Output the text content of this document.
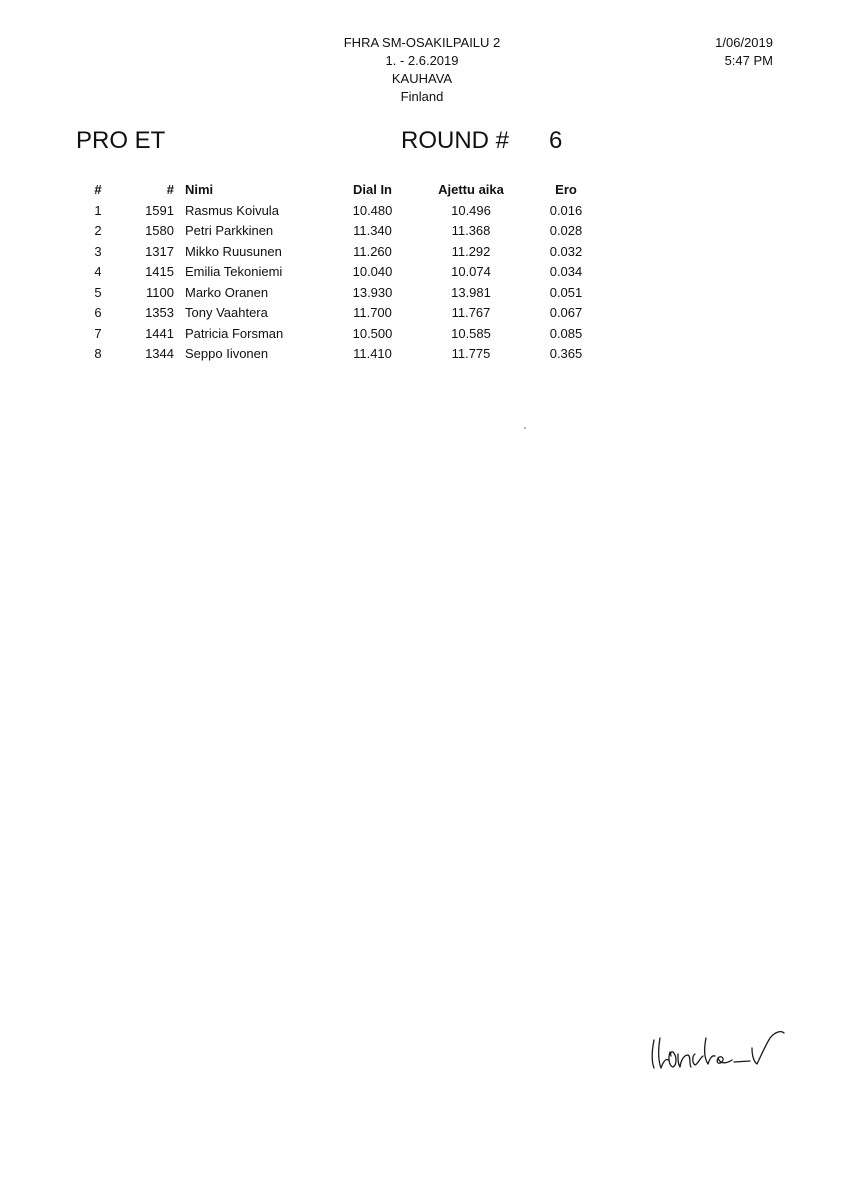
FHRA SM-OSAKILPAILU 2
1. - 2.6.2019
KAUHAVA
Finland
1/06/2019
5:47 PM
PRO ET	ROUND # 6
#	#	Nimi	Dial In	Ajettu aika	Ero
1	1591	Rasmus Koivula	10.480	10.496	0.016
2	1580	Petri Parkkinen	11.340	11.368	0.028
3	1317	Mikko Ruusunen	11.260	11.292	0.032
4	1415	Emilia Tekoniemi	10.040	10.074	0.034
5	1100	Marko Oranen	13.930	13.981	0.051
6	1353	Tony Vaahtera	11.700	11.767	0.067
7	1441	Patricia Forsman	10.500	10.585	0.085
8	1344	Seppo Iivonen	11.410	11.775	0.365
